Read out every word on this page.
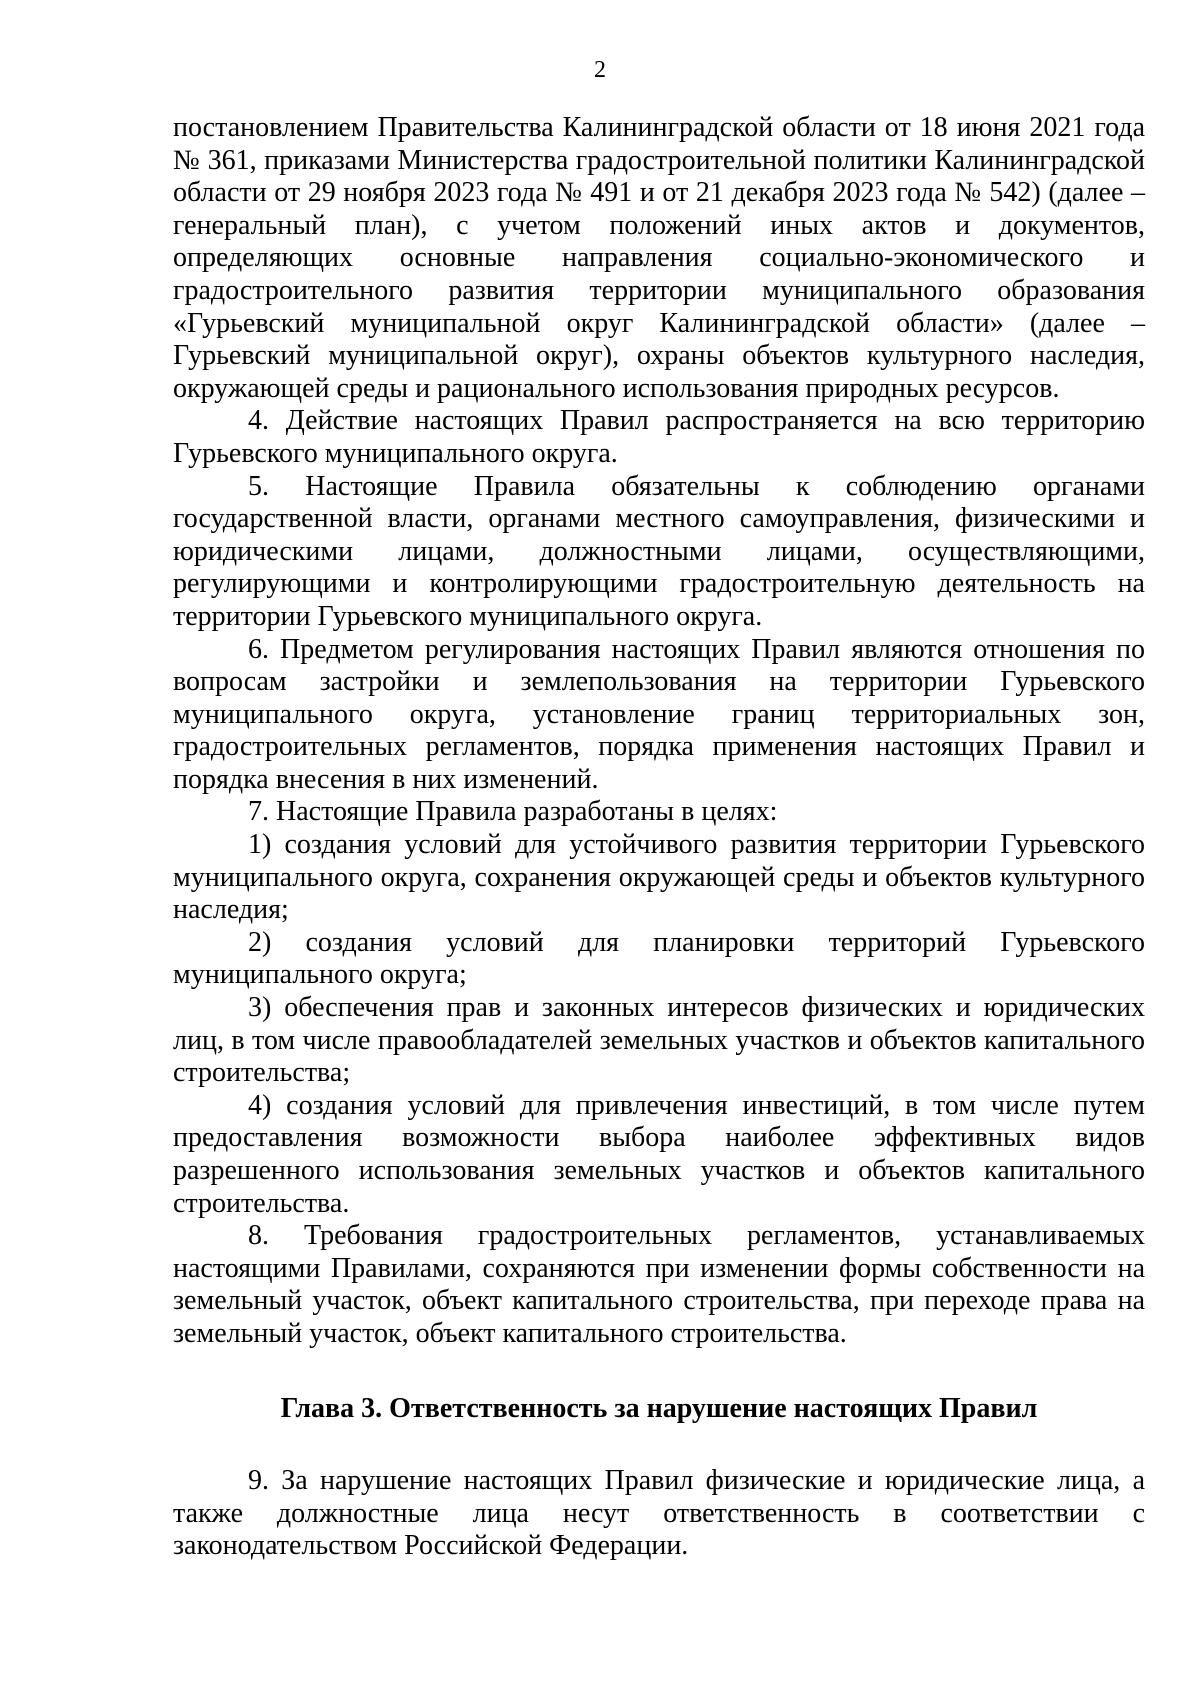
2

постановлением Правительства Калининградской области от 18 июня 2021 года № 361, приказами Министерства градостроительной политики Калининградской области от 29 ноября 2023 года № 491 и от 21 декабря 2023 года № 542) (далее – генеральный план), с учетом положений иных актов и документов, определяющих основные направления социально-экономического и градостроительного развития территории муниципального образования «Гурьевский муниципальной округ Калининградской области» (далее – Гурьевский муниципальной округ), охраны объектов культурного наследия, окружающей среды и рационального использования природных ресурсов.

4. Действие настоящих Правил распространяется на всю территорию Гурьевского муниципального округа.

5. Настоящие Правила обязательны к соблюдению органами государственной власти, органами местного самоуправления, физическими и юридическими лицами, должностными лицами, осуществляющими, регулирующими и контролирующими градостроительную деятельность на территории Гурьевского муниципального округа.

6. Предметом регулирования настоящих Правил являются отношения по вопросам застройки и землепользования на территории Гурьевского муниципального округа, установление границ территориальных зон, градостроительных регламентов, порядка применения настоящих Правил и порядка внесения в них изменений.

7. Настоящие Правила разработаны в целях:

1) создания условий для устойчивого развития территории Гурьевского муниципального округа, сохранения окружающей среды и объектов культурного наследия;

2) создания условий для планировки территорий Гурьевского муниципального округа;

3) обеспечения прав и законных интересов физических и юридических лиц, в том числе правообладателей земельных участков и объектов капитального строительства;

4) создания условий для привлечения инвестиций, в том числе путем предоставления возможности выбора наиболее эффективных видов разрешенного использования земельных участков и объектов капитального строительства.

8. Требования градостроительных регламентов, устанавливаемых настоящими Правилами, сохраняются при изменении формы собственности на земельный участок, объект капитального строительства, при переходе права на земельный участок, объект капитального строительства.

Глава 3. Ответственность за нарушение настоящих Правил

9. За нарушение настоящих Правил физические и юридические лица, а также должностные лица несут ответственность в соответствии с законодательством Российской Федерации.
